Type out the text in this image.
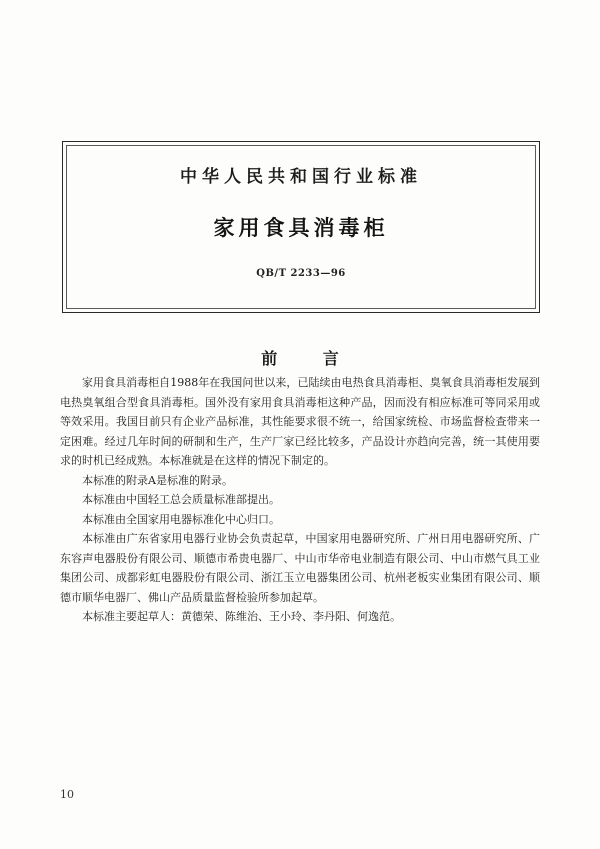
中华人民共和国行业标准
家用食具消毒柜
QB/T 2233—96
前 言

家用食具消毒柜自1988年在我国问世以来，已陆续由电热食具消毒柜、臭氧食具消毒柜发展到电热臭氧组合型食具消毒柜。国外没有家用食具消毒柜这种产品，因而没有相应标准可等同采用或等效采用。我国目前只有企业产品标准，其性能要求很不统一，给国家统检、市场监督检查带来一定困难。经过几年时间的研制和生产，生产厂家已经比较多，产品设计亦趋向完善，统一其使用要求的时机已经成熟。本标准就是在这样的情况下制定的。

本标准的附录A是标准的附录。

本标准由中国轻工总会质量标准部提出。

本标准由全国家用电器标准化中心归口。

本标准由广东省家用电器行业协会负责起草，中国家用电器研究所、广州日用电器研究所、广东容声电器股份有限公司、顺德市希贵电器厂、中山市华帝电业制造有限公司、中山市燃气具工业集团公司、成都彩虹电器股份有限公司、浙江玉立电器集团公司、杭州老板实业集团有限公司、顺德市顺华电器厂、佛山产品质量监督检验所参加起草。

本标准主要起草人：黄德荣、陈维治、王小玲、李丹阳、何逸范。

10
